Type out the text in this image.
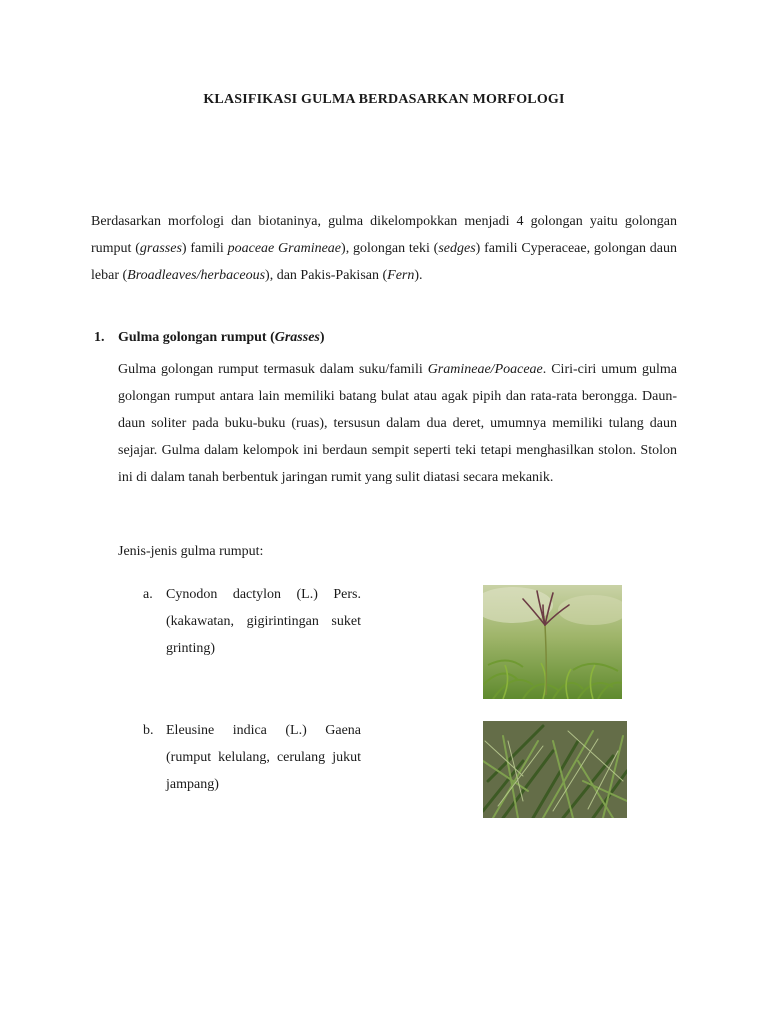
KLASIFIKASI GULMA BERDASARKAN MORFOLOGI
Berdasarkan morfologi dan biotaninya, gulma dikelompokkan menjadi 4 golongan yaitu golongan rumput (grasses) famili poaceae Gramineae), golongan teki (sedges) famili Cyperaceae, golongan daun lebar (Broadleaves/herbaceous), dan Pakis-Pakisan (Fern).
1. Gulma golongan rumput (Grasses)
Gulma golongan rumput termasuk dalam suku/famili Gramineae/Poaceae. Ciri-ciri umum gulma golongan rumput antara lain memiliki batang bulat atau agak pipih dan rata-rata berongga. Daun-daun soliter pada buku-buku (ruas), tersusun dalam dua deret, umumnya memiliki tulang daun sejajar. Gulma dalam kelompok ini berdaun sempit seperti teki tetapi menghasilkan stolon. Stolon ini di dalam tanah berbentuk jaringan rumit yang sulit diatasi secara mekanik.
Jenis-jenis gulma rumput:
a. Cynodon dactylon (L.) Pers. (kakawatan, gigirintingan suket grinting)
b. Eleusine indica (L.) Gaena (rumput kelulang, cerulang jukut jampang)
